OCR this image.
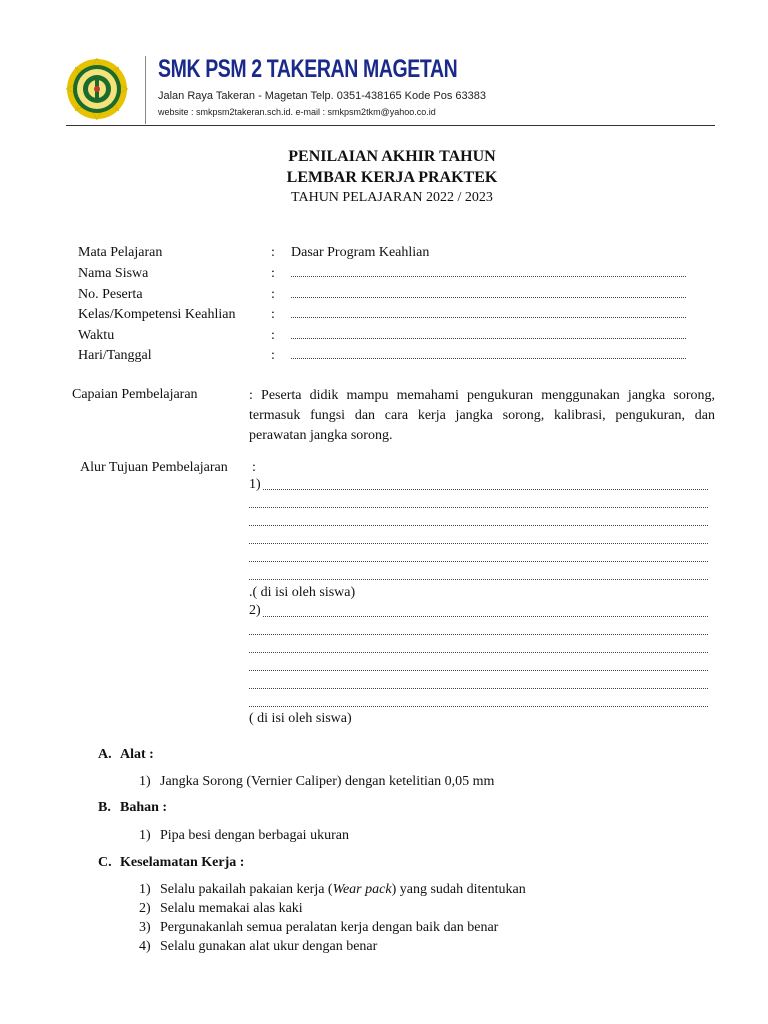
SMK PSM 2 TAKERAN MAGETAN
Jalan Raya Takeran - Magetan Telp. 0351-438165 Kode Pos 63383
website : smkpsm2takeran.sch.id. e-mail : smkpsm2tkm@yahoo.co.id
PENILAIAN AKHIR TAHUN
LEMBAR KERJA PRAKTEK
TAHUN PELAJARAN 2022 / 2023
Mata Pelajaran	: Dasar Program Keahlian
Nama Siswa	:
No. Peserta	:
Kelas/Kompetensi Keahlian	:
Waktu	:
Hari/Tanggal	:
Capaian Pembelajaran	: Peserta didik mampu memahami pengukuran menggunakan jangka sorong, termasuk fungsi dan cara kerja jangka sorong, kalibrasi, pengukuran, dan perawatan jangka sorong.
Alur Tujuan Pembelajaran :
1)
.( di isi oleh siswa)
2)
( di isi oleh siswa)
A. Alat :
1) Jangka Sorong (Vernier Caliper) dengan ketelitian 0,05 mm
B. Bahan :
1) Pipa besi dengan berbagai ukuran
C. Keselamatan Kerja :
1) Selalu pakailah pakaian kerja (Wear pack) yang sudah ditentukan
2) Selalu memakai alas kaki
3) Pergunakanlah semua peralatan kerja dengan baik dan benar
4) Selalu gunakan alat ukur dengan benar
